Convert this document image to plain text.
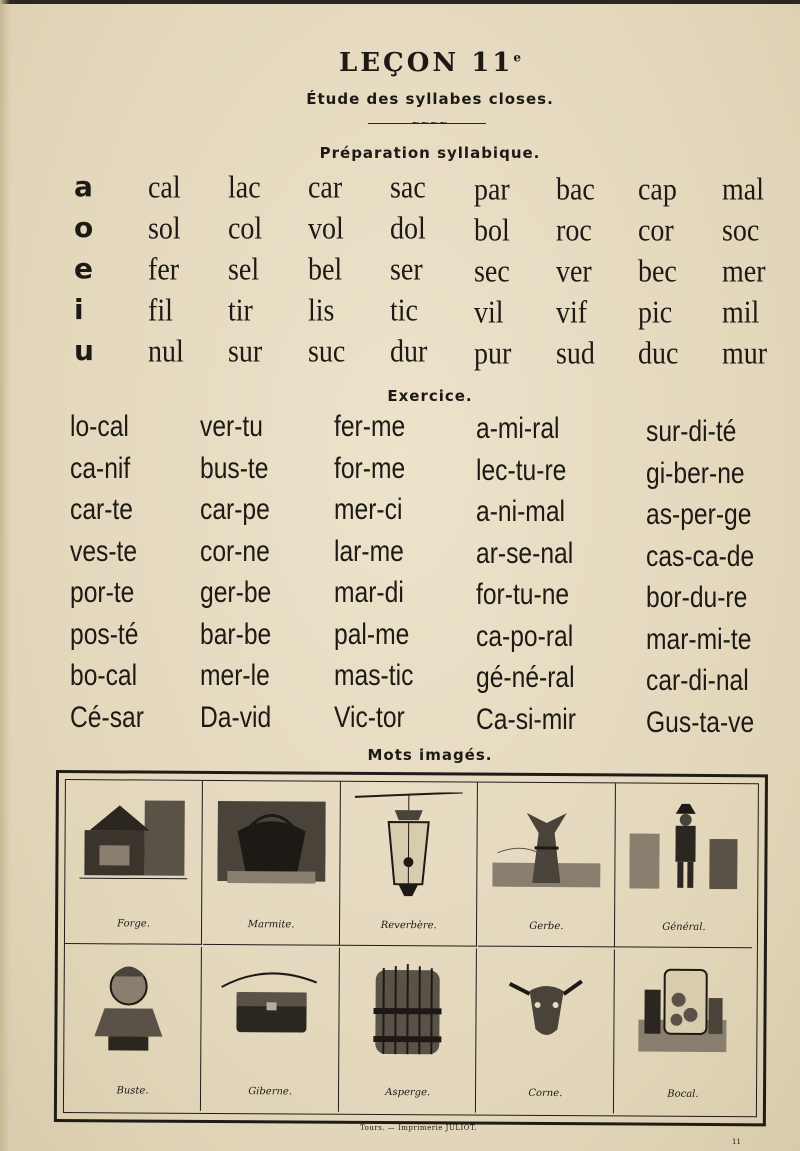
LEÇON 11e
Étude des syllabes closes.
~~~~
Préparation syllabique.
a cal lac car sac par bac cap mal
o sol col vol dol bol roc cor soc
e fer sel bel ser sec ver bec mer
i fil tir lis tic vil vif pic mil
u nul sur suc dur pur sud duc mur
Exercice.
lo-cal	ver-tu	fer-me	a-mi-ral	sur-di-té
ca-nif bus-te for-me	lec-tu-re	gi-ber-ne
car-te car-pe mer-ci	a-ni-mal	as-per-ge
ves-te cor-ne lar-me	ar-se-nal	cas-ca-de
por-te ger-be mar-di	for-tu-ne	bor-du-re
pos-té bar-be pal-me ca-po-ral	mar-mi-te
bo-cal mer-le mas-tic gé-né-ral	car-di-nal
Cé-sar Da-vid Vic-tor	Ca-si-mir	Gus-ta-ve
Mots imagés.
Forge.	Marmite.	Reverbère.	Gerbe.	Général.
Buste.	Giberne.	Asperge.	Corne.	Bocal.
Tours. — Imprimerie JULIOT.
11
